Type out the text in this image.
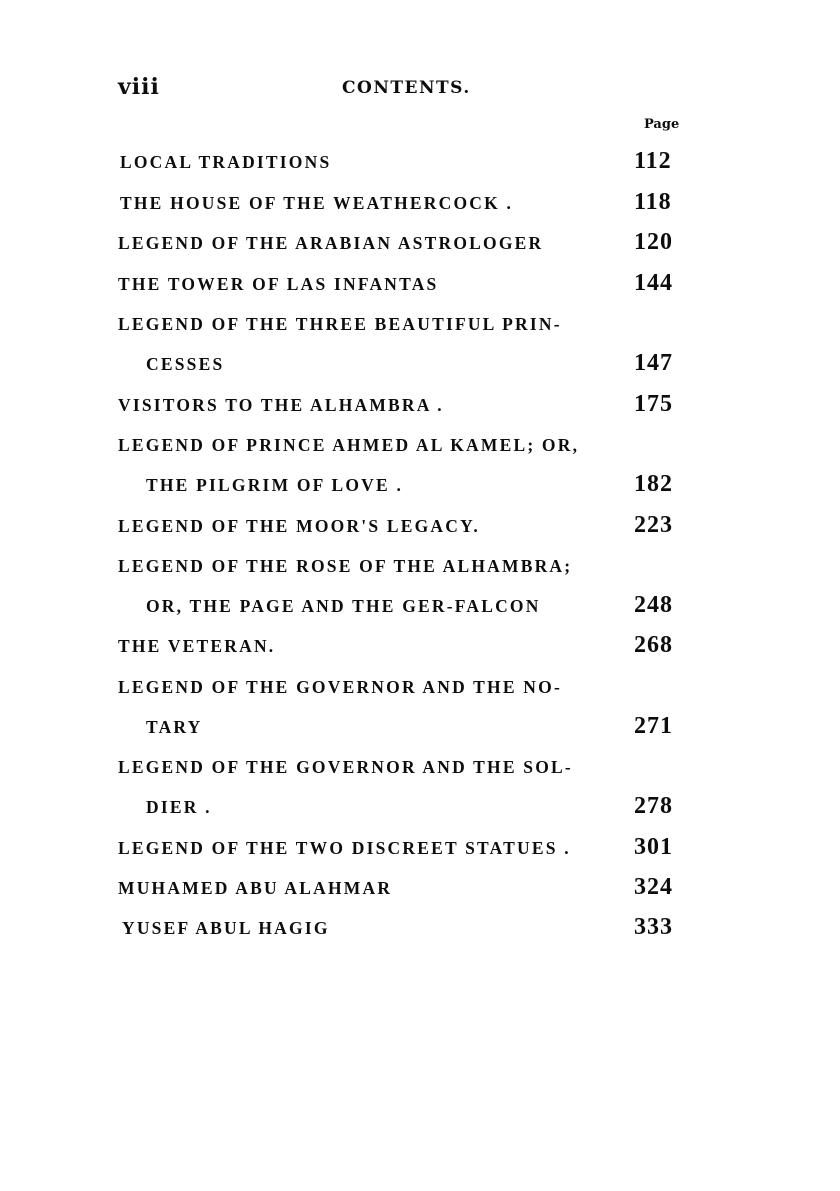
viii	CONTENTS.
Page
LOCAL TRADITIONS	112
THE HOUSE OF THE WEATHERCOCK .	118
LEGEND OF THE ARABIAN ASTROLOGER	120
THE TOWER OF LAS INFANTAS	144
LEGEND OF THE THREE BEAUTIFUL PRIN-
CESSES	147
VISITORS TO THE ALHAMBRA .	175
LEGEND OF PRINCE AHMED AL KAMEL; OR,
THE PILGRIM OF LOVE .	182
LEGEND OF THE MOOR'S LEGACY.	223
LEGEND OF THE ROSE OF THE ALHAMBRA;
OR, THE PAGE AND THE GER-FALCON	248
THE VETERAN.	268
LEGEND OF THE GOVERNOR AND THE NO-
TARY	271
LEGEND OF THE GOVERNOR AND THE SOL-
DIER .	278
LEGEND OF THE TWO DISCREET STATUES .	301
MUHAMED ABU ALAHMAR	324
YUSEF ABUL HAGIG	333
